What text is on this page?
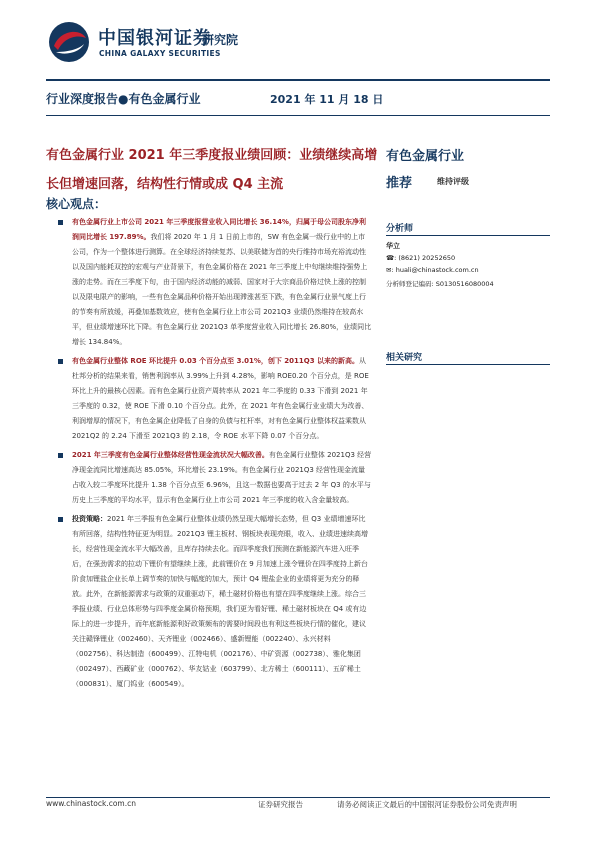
中国银河证券
研究院
CHINA GALAXY SECURITIES
行业深度报告●有色金属行业	2021 年 11 月 18 日
有色金属行业 2021 年三季度报业绩回顾：业绩继续高增长但增速回落，结构性行情或成 Q4 主流
有色金属行业
推荐	维持评级
核心观点：
有色金属行业上市公司 2021 年三季度报营业收入同比增长 36.14%，归属于母公司股东净利润同比增长 197.89%。我们将 2020 年 1 月 1 日前上市的，SW 有色金属一级行业中的上市公司，作为一个整体进行测算。在全球经济持续复苏、以美联储为首的央行维持市场充裕流动性以及国内能耗双控的宏观与产业背景下，有色金属价格在 2021 年三季度上中旬继续维持强势上涨的走势。而在三季度下旬，由于国内经济动能的减弱、国家对于大宗商品价格过快上涨的控制以及限电限产的影响，一些有色金属品种价格开始出现滞涨甚至下跌，有色金属行业景气度上行的节奏有所放缓，再叠加基数效应，使有色金属行业上市公司 2021Q3 业绩仍然维持在较高水平，但业绩增速环比下降。有色金属行业 2021Q3 单季度营业收入同比增长 26.80%，业绩同比增长 134.84%。
有色金属行业整体 ROE 环比提升 0.03 个百分点至 3.01%，创下 2011Q3 以来的新高。从杜邦分析的结果来看，销售利润率从 3.99%上升到 4.28%，影响 ROE0.20 个百分点，是 ROE 环比上升的最核心因素。而有色金属行业资产周转率从 2021 年二季度的 0.33 下滑到 2021 年三季度的 0.32，使 ROE 下滑 0.10 个百分点。此外，在 2021 年有色金属行业业绩大为改善、利润增厚的情况下，有色金属企业降低了自身的负债与杠杆率，对有色金属行业整体权益乘数从 2021Q2 的 2.24 下滑至 2021Q3 的 2.18，令 ROE 水平下降 0.07 个百分点。
2021 年三季度有色金属行业整体经营性现金流状况大幅改善。有色金属行业整体 2021Q3 经营净现金流同比增速高达 85.05%，环比增长 23.19%。有色金属行业 2021Q3 经营性现金流量占收入较二季度环比提升 1.38 个百分点至 6.96%，且这一数据也要高于过去 2 年 Q3 的水平与历史上三季度的平均水平，显示有色金属行业上市公司 2021 年三季度的收入含金量较高。
投资策略：2021 年三季报有色金属行业整体业绩仍然呈现大幅增长态势，但 Q3 业绩增速环比有所回落，结构性特征更为明显。2021Q3 锂主板材、钢板块表现亮眼，收入、业绩进速续高增长，经营性现金流水平大幅改善，且库存持续去化。而四季度我们预测在新能源汽车进入旺季后，在强劲需求的拉动下锂价有望继续上涨，此前锂价在 9 月加速上涨令锂价在四季度持上新台阶食加锂盐企业长单上调节奏的加快与幅度的加大，预计 Q4 锂盐企业的业绩将更为充分的释放。此外，在新能源需求与政策的双重驱动下，稀土磁材价格也有望在四季度继续上涨。综合三季报业绩、行业总体形势与四季度金属价格预期，我们更为看好锂、稀土磁材板块在 Q4 或有边际上的进一步提升，而年底新能源利好政策频布的需要时间段也有利这些板块行情的催化，建议关注赣锋锂业（002460）、天齐锂业（002466）、盛新锂能（002240）、永兴材料（002756）、科达制造（600499）、江特电机（002176）、中矿资源（002738）、雅化集团（002497）、西藏矿业（000762）、华友钴业（603799）、北方稀土（600111）、五矿稀土（000831）、厦门钨业（600549）。
分析师
华立
☎: (8621) 20252650
✉: huali@chinastock.com.cn
分析师登记编码: S0130516080004
相关研究
www.chinastock.com.cn	证券研究报告	请务必阅读正文最后的中国银河证券股份公司免责声明
